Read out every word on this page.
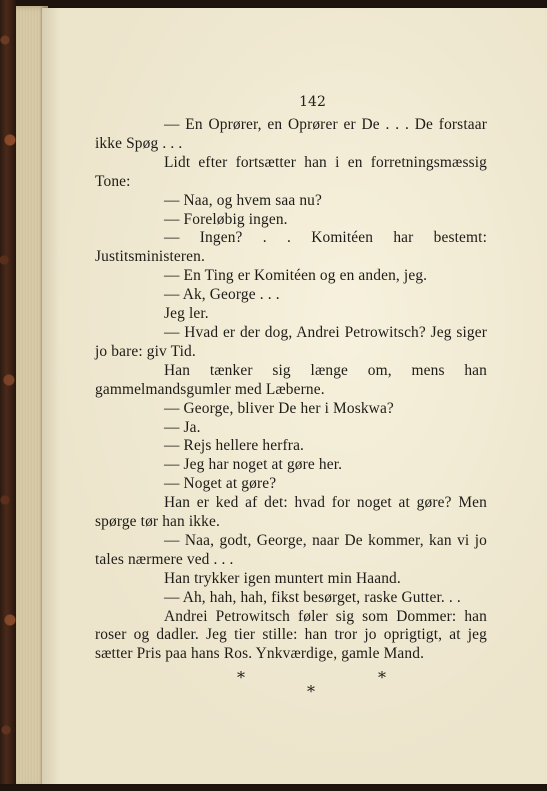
142

— En Oprører, en Oprører er De . . . De forstaar ikke Spøg . . .

Lidt efter fortsætter han i en forretningsmæssig Tone:

— Naa, og hvem saa nu?

— Foreløbig ingen.

— Ingen? . . Komitéen har bestemt: Justitsministeren.

— En Ting er Komitéen og en anden, jeg.

— Ak, George . . .

Jeg ler.

— Hvad er der dog, Andrei Petrowitsch? Jeg siger jo bare: giv Tid.

Han tænker sig længe om, mens han gammelmandsgumler med Læberne.

— George, bliver De her i Moskwa?

— Ja.

— Rejs hellere herfra.

— Jeg har noget at gøre her.

— Noget at gøre?

Han er ked af det: hvad for noget at gøre? Men spørge tør han ikke.

— Naa, godt, George, naar De kommer, kan vi jo tales nærmere ved . . .

Han trykker igen muntert min Haand.

— Ah, hah, hah, fikst besørget, raske Gutter. . .

Andrei Petrowitsch føler sig som Dommer: han roser og dadler. Jeg tier stille: han tror jo oprigtigt, at jeg sætter Pris paa hans Ros. Ynkværdige, gamle Mand.

*	*
*
